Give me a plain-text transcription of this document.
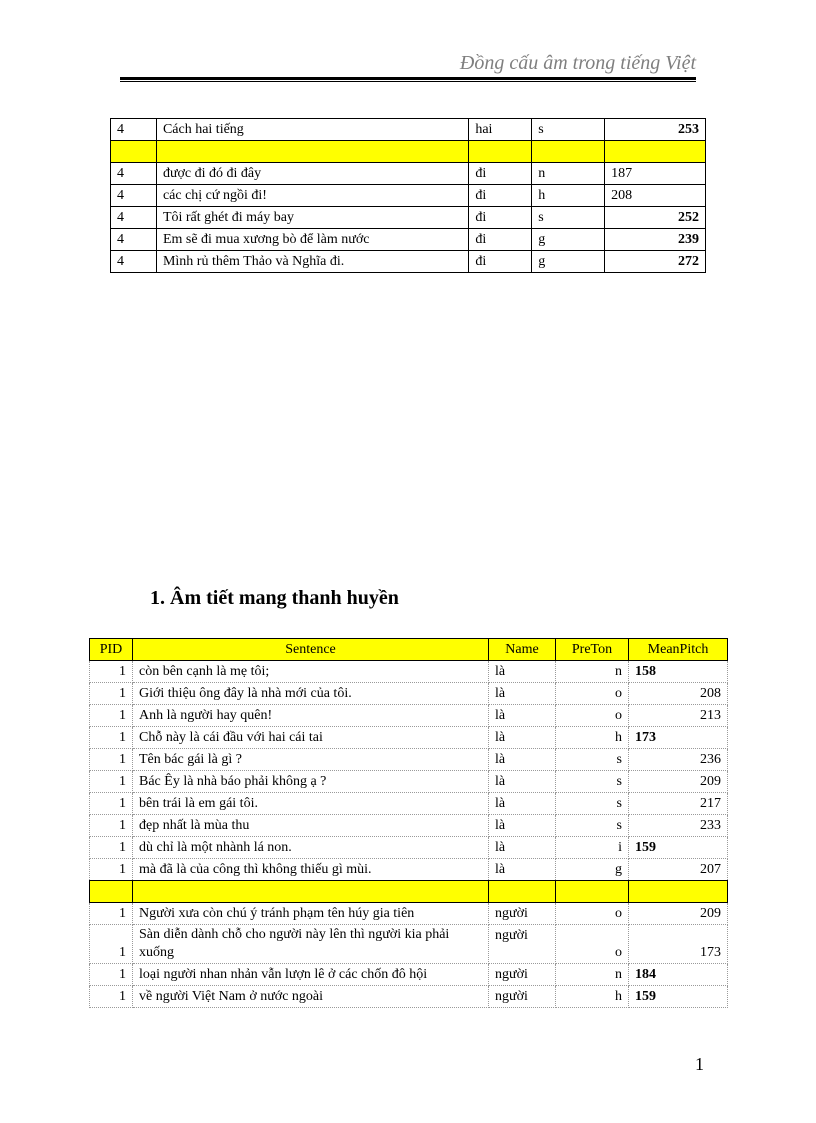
Đồng cấu âm trong tiếng Việt
4	Cách hai tiếng	hai	s	253

4	được đi đó đi đây	đi	n	187
4	các chị cứ ngồi đi!	đi	h	208
4	Tôi rất ghét đi máy bay	đi	s	252
4	Em sẽ đi mua xương bò để làm nước	đi	g	239
4	Mình rủ thêm Thảo và Nghĩa đi.	đi	g	272
1. Âm tiết mang thanh huyền
PID	Sentence	Name	PreTon	MeanPitch
1	còn bên cạnh là mẹ tôi;	là	n	158
1	Giới thiệu ông đây là nhà mới của tôi.	là	o	208
1	Anh là người hay quên!	là	o	213
1	Chỗ này là cái đầu với hai cái tai	là	h	173
1	Tên bác gái là gì ?	là	s	236
1	Bác Êy là nhà báo phải không ạ ?	là	s	209
1	bên trái là em gái tôi.	là	s	217
1	đẹp nhất là mùa thu	là	s	233
1	dù chỉ là một nhành lá non.	là	i	159
1	mà đã là của công thì không thiếu gì mùi.	là	g	207

1	Người xưa còn chú ý tránh phạm tên húy gia tiên	người	o	209
1	Sàn diễn dành chỗ cho người này lên thì người kia phải xuống	người	o	173
1	loại người nhan nhản vẫn lượn lê ở các chốn đô hội	người	n	184
1	về người Việt Nam ở nước ngoài	người	h	159
1
